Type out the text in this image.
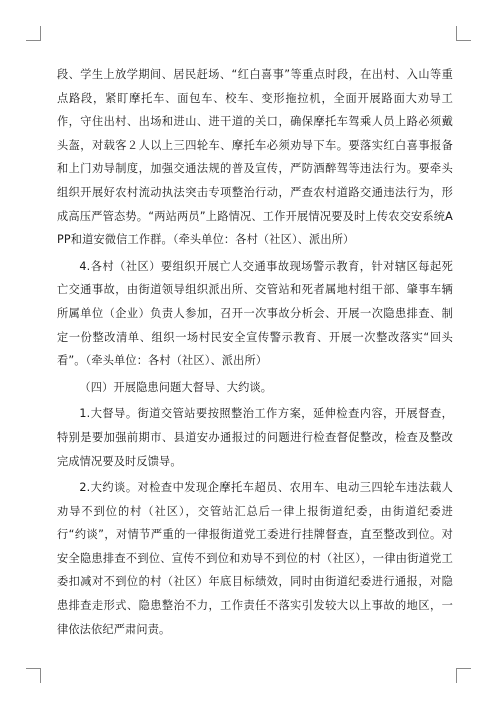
段、学生上放学期间、居民赶场、“红白喜事”等重点时段，在出村、入山等重点路段，紧盯摩托车、面包车、校车、变形拖拉机，全面开展路面大劝导工作，守住出村、出场和进山、进干道的关口，确保摩托车驾乘人员上路必须戴头盔，对载客２人以上三四轮车、摩托车必须劝导下车。要落实红白喜事报备和上门劝导制度，加强交通法规的普及宣传，严防酒醉驾等违法行为。要牵头组织开展好农村流动执法突击专项整治行动，严查农村道路交通违法行为，形成高压严管态势。“两站两员”上路情况、工作开展情况要及时上传农交安系统APP和道安微信工作群。（牵头单位：各村（社区）、派出所）

4.各村（社区）要组织开展亡人交通事故现场警示教育，针对辖区每起死亡交通事故，由街道领导组织派出所、交管站和死者属地村组干部、肇事车辆所属单位（企业）负责人参加，召开一次事故分析会、开展一次隐患排查、制定一份整改清单、组织一场村民安全宣传警示教育、开展一次整改落实“回头看”。（牵头单位：各村（社区）、派出所）

（四）开展隐患问题大督导、大约谈。

1.大督导。街道交管站要按照整治工作方案，延伸检查内容，开展督查，特别是要加强前期市、县道安办通报过的问题进行检查督促整改，检查及整改完成情况要及时反馈导。

2.大约谈。对检查中发现企摩托车超员、农用车、电动三四轮车违法载人劝导不到位的村（社区），交管站汇总后一律上报街道纪委，由街道纪委进行“约谈”，对情节严重的一律报街道党工委进行挂牌督查，直至整改到位。对安全隐患排查不到位、宣传不到位和劝导不到位的村（社区），一律由街道党工委扣减对不到位的村（社区）年底目标绩效，同时由街道纪委进行通报，对隐患排查走形式、隐患整治不力，工作责任不落实引发较大以上事故的地区，一律依法依纪严肃问责。
